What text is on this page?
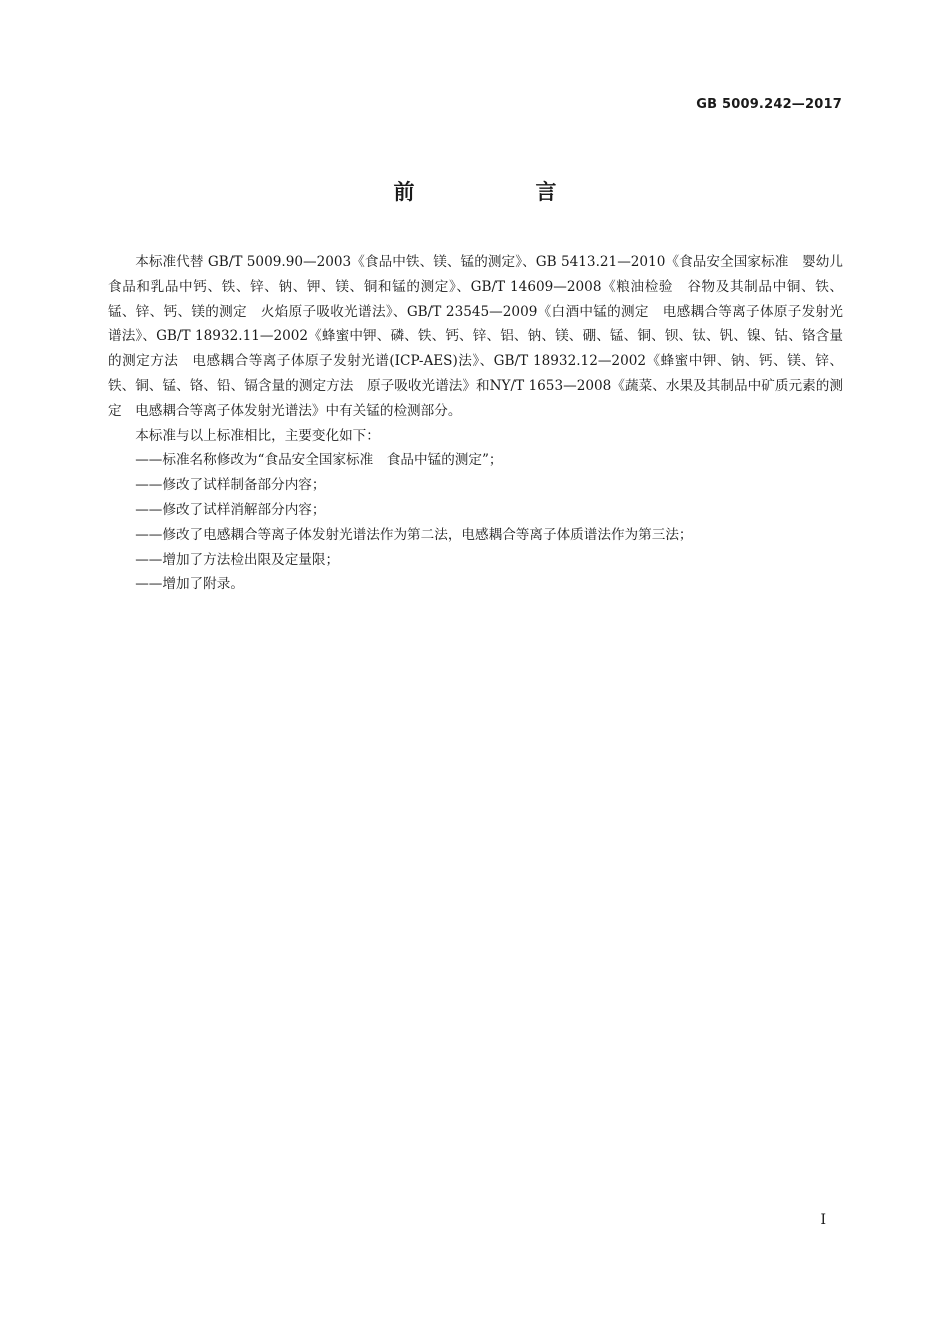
GB 5009.242—2017
前　言

本标准代替 GB/T 5009.90—2003《食品中铁、镁、锰的测定》、GB 5413.21—2010《食品安全国家标准　婴幼儿食品和乳品中钙、铁、锌、钠、钾、镁、铜和锰的测定》、GB/T 14609—2008《粮油检验　谷物及其制品中铜、铁、锰、锌、钙、镁的测定　火焰原子吸收光谱法》、GB/T 23545—2009《白酒中锰的测定　电感耦合等离子体原子发射光谱法》、GB/T 18932.11—2002《蜂蜜中钾、磷、铁、钙、锌、铝、钠、镁、硼、锰、铜、钡、钛、钒、镍、钴、铬含量的测定方法　电感耦合等离子体原子发射光谱(ICP-AES)法》、GB/T 18932.12—2002《蜂蜜中钾、钠、钙、镁、锌、铁、铜、锰、铬、铅、镉含量的测定方法　原子吸收光谱法》和NY/T 1653—2008《蔬菜、水果及其制品中矿质元素的测定　电感耦合等离子体发射光谱法》中有关锰的检测部分。

本标准与以上标准相比，主要变化如下：

——标准名称修改为“食品安全国家标准　食品中锰的测定”；

——修改了试样制备部分内容；

——修改了试样消解部分内容；

——修改了电感耦合等离子体发射光谱法作为第二法，电感耦合等离子体质谱法作为第三法；

——增加了方法检出限及定量限；

——增加了附录。

I
